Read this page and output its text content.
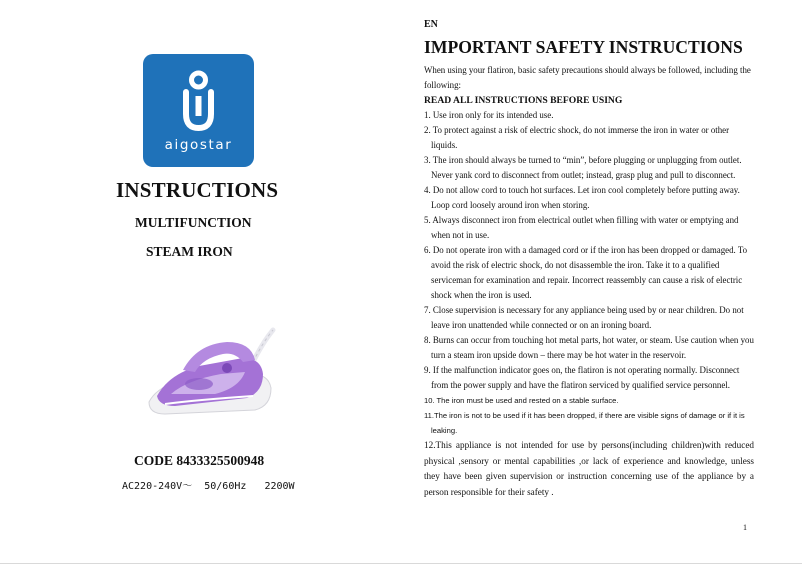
aigostar
INSTRUCTIONS
MULTIFUNCTION
STEAM IRON
CODE 8433325500948
AC220-240V～  50/60Hz   2200W
EN
IMPORTANT SAFETY INSTRUCTIONS

When using your flatiron, basic safety precautions should always be followed, including the following:

READ ALL INSTRUCTIONS BEFORE USING

1. Use iron only for its intended use.

2. To protect against a risk of electric shock, do not immerse the iron in water or other liquids.

3. The iron should always be turned to “min”, before plugging or unplugging from outlet. Never yank cord to disconnect from outlet; instead, grasp plug and pull to disconnect.

4. Do not allow cord to touch hot surfaces. Let iron cool completely before putting away. Loop cord loosely around iron when storing.

5. Always disconnect iron from electrical outlet when filling with water or emptying and when not in use.

6. Do not operate iron with a damaged cord or if the iron has been dropped or damaged. To avoid the risk of electric shock, do not disassemble the iron. Take it to a qualified serviceman for examination and repair. Incorrect reassembly can cause a risk of electric shock when the iron is used.

7. Close supervision is necessary for any appliance being used by or near children. Do not leave iron unattended while connected or on an ironing board.

8. Burns can occur from touching hot metal parts, hot water, or steam. Use caution when you turn a steam iron upside down – there may be hot water in the reservoir.

9. If the malfunction indicator goes on, the flatiron is not operating normally. Disconnect from the power supply and have the flatiron serviced by qualified service personnel.

10. The iron must be used and rested on a stable surface.

11.The iron is not to be used if it has been dropped, if there are visible signs of damage or if it is leaking.

12.This appliance is not intended for use by persons(including children)with reduced physical ,sensory or mental capabilities ,or lack of experience and knowledge, unless they have been given supervision or instruction concerning use of the appliance by a person responsible for their safety .

1
